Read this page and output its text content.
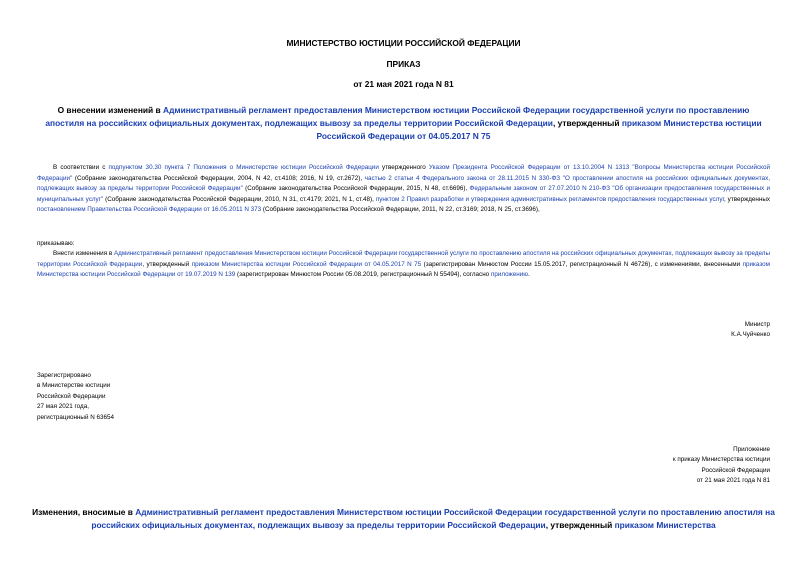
МИНИСТЕРСТВО ЮСТИЦИИ РОССИЙСКОЙ ФЕДЕРАЦИИ
ПРИКАЗ
от 21 мая 2021 года N 81
О внесении изменений в Административный регламент предоставления Министерством юстиции Российской Федерации государственной услуги по проставлению апостиля на российских официальных документах, подлежащих вывозу за пределы территории Российской Федерации, утвержденный приказом Министерства юстиции Российской Федерации от 04.05.2017 N 75
В соответствии с подпунктом 30.30 пункта 7 Положения о Министерстве юстиции Российской Федерации утвержденного Указом Президента Российской Федерации от 13.10.2004 N 1313 "Вопросы Министерства юстиции Российской Федерации" (Собрание законодательства Российской Федерации, 2004, N 42, ст.4108; 2016, N 19, ст.2672), частью 2 статьи 4 Федерального закона от 28.11.2015 N 330-ФЗ "О проставлении апостиля на российских официальных документах, подлежащих вывозу за пределы территории Российской Федерации" (Собрание законодательства Российской Федерации, 2015, N 48, ст.6696), Федеральным законом от 27.07.2010 N 210-ФЗ "Об организации предоставления государственных и муниципальных услуг" (Собрание законодательства Российской Федерации, 2010, N 31, ст.4179; 2021, N 1, ст.48), пунктом 2 Правил разработки и утверждения административных регламентов предоставления государственных услуг, утвержденных постановлением Правительства Российской Федерации от 16.05.2011 N 373 (Собрание законодательства Российской Федерации, 2011, N 22, ст.3169; 2018, N 25, ст.3696),
приказываю:
Внести изменения в Административный регламент предоставления Министерством юстиции Российской Федерации государственной услуги по проставлению апостиля на российских официальных документах, подлежащих вывозу за пределы территории Российской Федерации, утвержденный приказом Министерства юстиции Российской Федерации от 04.05.2017 N 75 (зарегистрирован Минюстом России 15.05.2017, регистрационный N 46726), с изменениями, внесенными приказом Министерства юстиции Российской Федерации от 19.07.2019 N 139 (зарегистрирован Минюстом России 05.08.2019, регистрационный N 55494), согласно приложению.
Министр
К.А.Чуйченко
Зарегистрировано
в Министерстве юстиции
Российской Федерации
27 мая 2021 года,
регистрационный N 63654
Приложение
к приказу Министерства юстиции
Российской Федерации
от 21 мая 2021 года N 81
Изменения, вносимые в Административный регламент предоставления Министерством юстиции Российской Федерации государственной услуги по проставлению апостиля на российских официальных документах, подлежащих вывозу за пределы территории Российской Федерации, утвержденный приказом Министерства
